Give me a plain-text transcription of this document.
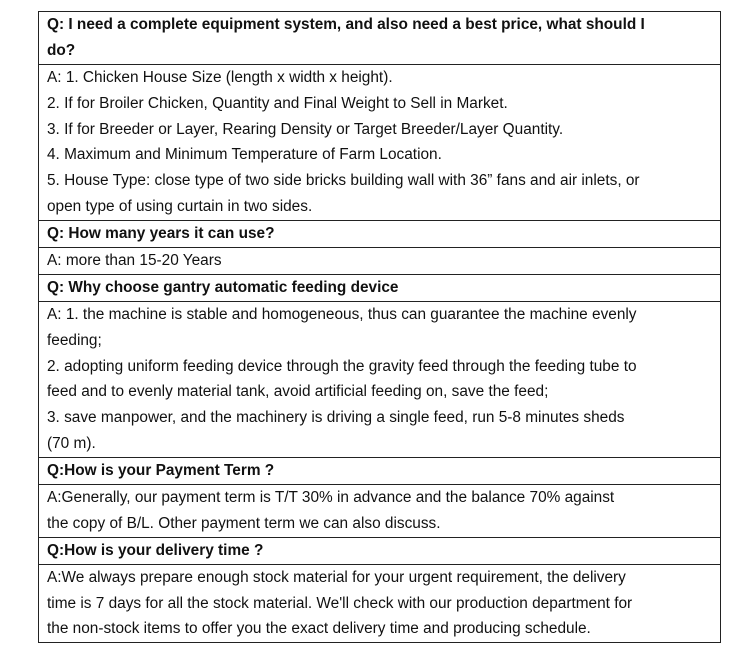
Q: I need a complete equipment system, and also need a best price, what should I

do?

A: 1. Chicken House Size (length x width x height).

2. If for Broiler Chicken, Quantity and Final Weight to Sell in Market.

3. If for Breeder or Layer, Rearing Density or Target Breeder/Layer Quantity.

4. Maximum and Minimum Temperature of Farm Location.

5. House Type: close type of two side bricks building wall with 36” fans and air inlets, or

open type of using curtain in two sides.

Q: How many years it can use?

A: more than 15-20 Years

Q: Why choose gantry automatic feeding device

A: 1. the machine is stable and homogeneous, thus can guarantee the machine evenly

feeding;

2. adopting uniform feeding device through the gravity feed through the feeding tube to

feed and to evenly material tank, avoid artificial feeding on, save the feed;

3. save manpower, and the machinery is driving a single feed, run 5-8 minutes sheds

(70 m).

Q:How is your Payment Term ?

A:Generally, our payment term is T/T 30% in advance and the balance 70% against

the copy of B/L. Other payment term we can also discuss.

Q:How is your delivery time ?

A:We always prepare enough stock material for your urgent requirement, the delivery

time is 7 days for all the stock material. We'll check with our production department for

the non-stock items to offer you the exact delivery time and producing schedule.
